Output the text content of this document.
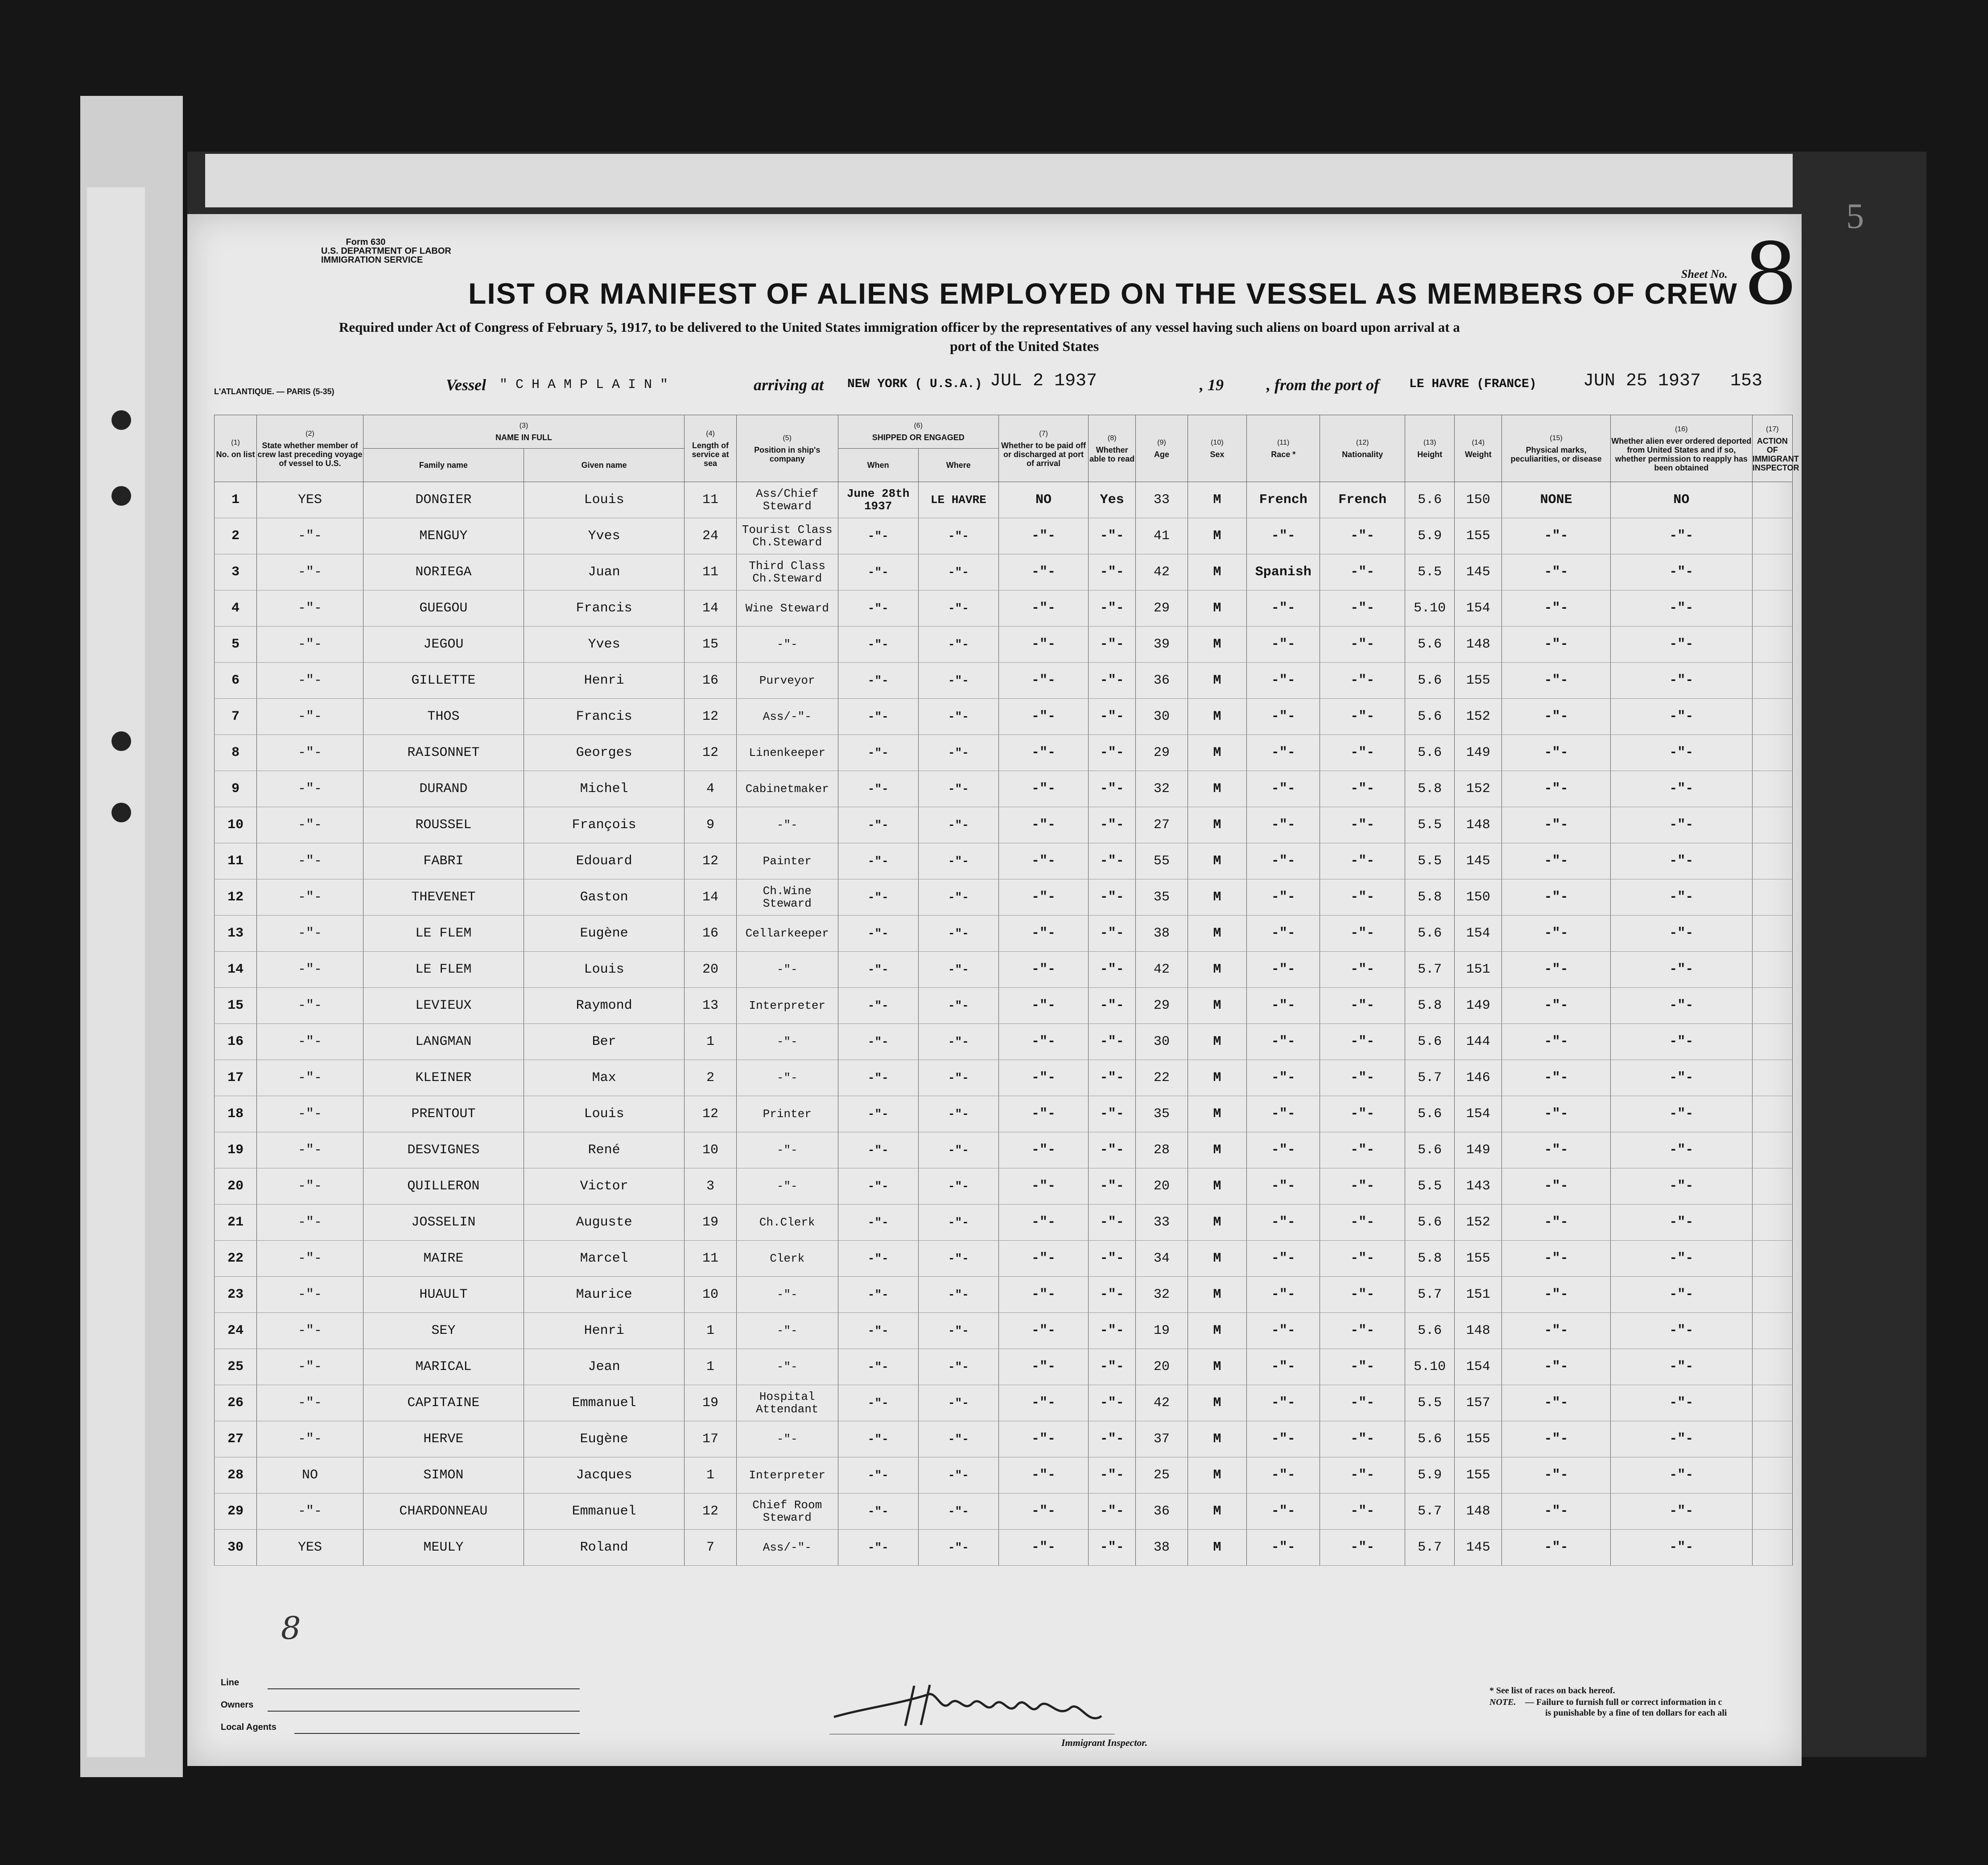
5
Form 630
U.S. DEPARTMENT OF LABOR
IMMIGRATION SERVICE
LIST OR MANIFEST OF ALIENS EMPLOYED ON THE VESSEL AS MEMBERS OF CREW
Sheet No. 8
Required under Act of Congress of February 5, 1917, to be delivered to the United States immigration officer by the representatives of any vessel having such aliens on board upon arrival at a
port of the United States
L'ATLANTIQUE. — PARIS (5-35)	Vessel " C H A M P L A I N "	arriving at NEW YORK ( U.S.A.) JUL 2 1937	, 19	, from the port of LE HAVRE (FRANCE)	JUN 25 1937 153
(1)
No. on list	(2)
State whether member of crew last preceding voyage of vessel to U.S.	(3)
NAME IN FULL		(4)
Length of service at sea	(5)
Position in ship's company	(6)
SHIPPED OR ENGAGED		(7)
Whether to be paid off or discharged at port of arrival	(8)
Whether able to read	(9)
Age	(10)
Sex	(11)
Race *	(12)
Nationality	(13)
Height	(14)
Weight	(15)
Physical marks, peculiarities, or disease	(16)
Whether alien ever ordered deported from United States and if so, whether permission to reapply has been obtained	(17)
ACTION OF IMMIGRANT INSPECTOR
		Family name	Given name			When	Where											
1	YES	DONGIER	Louis	11	Ass/Chief Steward	June 28th 1937	LE HAVRE	NO	Yes	33	M	French	French	5.6	150	NONE	NO	
2	-"-	MENGUY	Yves	24	Tourist Class Ch.Steward	-"-	-"-	-"-	-"-	41	M	-"-	-"-	5.9	155	-"-	-"-	
3	-"-	NORIEGA	Juan	11	Third Class Ch.Steward	-"-	-"-	-"-	-"-	42	M	Spanish	-"-	5.5	145	-"-	-"-	
4	-"-	GUEGOU	Francis	14	Wine Steward	-"-	-"-	-"-	-"-	29	M	-"-	-"-	5.10	154	-"-	-"-	
5	-"-	JEGOU	Yves	15	-"-	-"-	-"-	-"-	-"-	39	M	-"-	-"-	5.6	148	-"-	-"-	
6	-"-	GILLETTE	Henri	16	Purveyor	-"-	-"-	-"-	-"-	36	M	-"-	-"-	5.6	155	-"-	-"-	
7	-"-	THOS	Francis	12	Ass/-"-	-"-	-"-	-"-	-"-	30	M	-"-	-"-	5.6	152	-"-	-"-	
8	-"-	RAISONNET	Georges	12	Linenkeeper	-"-	-"-	-"-	-"-	29	M	-"-	-"-	5.6	149	-"-	-"-	
9	-"-	DURAND	Michel	4	Cabinetmaker	-"-	-"-	-"-	-"-	32	M	-"-	-"-	5.8	152	-"-	-"-	
10	-"-	ROUSSEL	François	9	-"-	-"-	-"-	-"-	-"-	27	M	-"-	-"-	5.5	148	-"-	-"-	
11	-"-	FABRI	Edouard	12	Painter	-"-	-"-	-"-	-"-	55	M	-"-	-"-	5.5	145	-"-	-"-	
12	-"-	THEVENET	Gaston	14	Ch.Wine Steward	-"-	-"-	-"-	-"-	35	M	-"-	-"-	5.8	150	-"-	-"-	
13	-"-	LE FLEM	Eugène	16	Cellarkeeper	-"-	-"-	-"-	-"-	38	M	-"-	-"-	5.6	154	-"-	-"-	
14	-"-	LE FLEM	Louis	20	-"-	-"-	-"-	-"-	-"-	42	M	-"-	-"-	5.7	151	-"-	-"-	
15	-"-	LEVIEUX	Raymond	13	Interpreter	-"-	-"-	-"-	-"-	29	M	-"-	-"-	5.8	149	-"-	-"-	
16	-"-	LANGMAN	Ber	1	-"-	-"-	-"-	-"-	-"-	30	M	-"-	-"-	5.6	144	-"-	-"-	
17	-"-	KLEINER	Max	2	-"-	-"-	-"-	-"-	-"-	22	M	-"-	-"-	5.7	146	-"-	-"-	
18	-"-	PRENTOUT	Louis	12	Printer	-"-	-"-	-"-	-"-	35	M	-"-	-"-	5.6	154	-"-	-"-	
19	-"-	DESVIGNES	René	10	-"-	-"-	-"-	-"-	-"-	28	M	-"-	-"-	5.6	149	-"-	-"-	
20	-"-	QUILLERON	Victor	3	-"-	-"-	-"-	-"-	-"-	20	M	-"-	-"-	5.5	143	-"-	-"-	
21	-"-	JOSSELIN	Auguste	19	Ch.Clerk	-"-	-"-	-"-	-"-	33	M	-"-	-"-	5.6	152	-"-	-"-	
22	-"-	MAIRE	Marcel	11	Clerk	-"-	-"-	-"-	-"-	34	M	-"-	-"-	5.8	155	-"-	-"-	
23	-"-	HUAULT	Maurice	10	-"-	-"-	-"-	-"-	-"-	32	M	-"-	-"-	5.7	151	-"-	-"-	
24	-"-	SEY	Henri	1	-"-	-"-	-"-	-"-	-"-	19	M	-"-	-"-	5.6	148	-"-	-"-	
25	-"-	MARICAL	Jean	1	-"-	-"-	-"-	-"-	-"-	20	M	-"-	-"-	5.10	154	-"-	-"-	
26	-"-	CAPITAINE	Emmanuel	19	Hospital Attendant	-"-	-"-	-"-	-"-	42	M	-"-	-"-	5.5	157	-"-	-"-	
27	-"-	HERVE	Eugène	17	-"-	-"-	-"-	-"-	-"-	37	M	-"-	-"-	5.6	155	-"-	-"-	
28	NO	SIMON	Jacques	1	Interpreter	-"-	-"-	-"-	-"-	25	M	-"-	-"-	5.9	155	-"-	-"-	
29	-"-	CHARDONNEAU	Emmanuel	12	Chief Room Steward	-"-	-"-	-"-	-"-	36	M	-"-	-"-	5.7	148	-"-	-"-	
30	YES	MEULY	Roland	7	Ass/-"-	-"-	-"-	-"-	-"-	38	M	-"-	-"-	5.7	145	-"-	-"-	
Line
Owners
Local Agents
8
Immigrant Inspector.
* See list of races on back hereof.
NOTE. — Failure to furnish full or correct information in c
is punishable by a fine of ten dollars for each ali
